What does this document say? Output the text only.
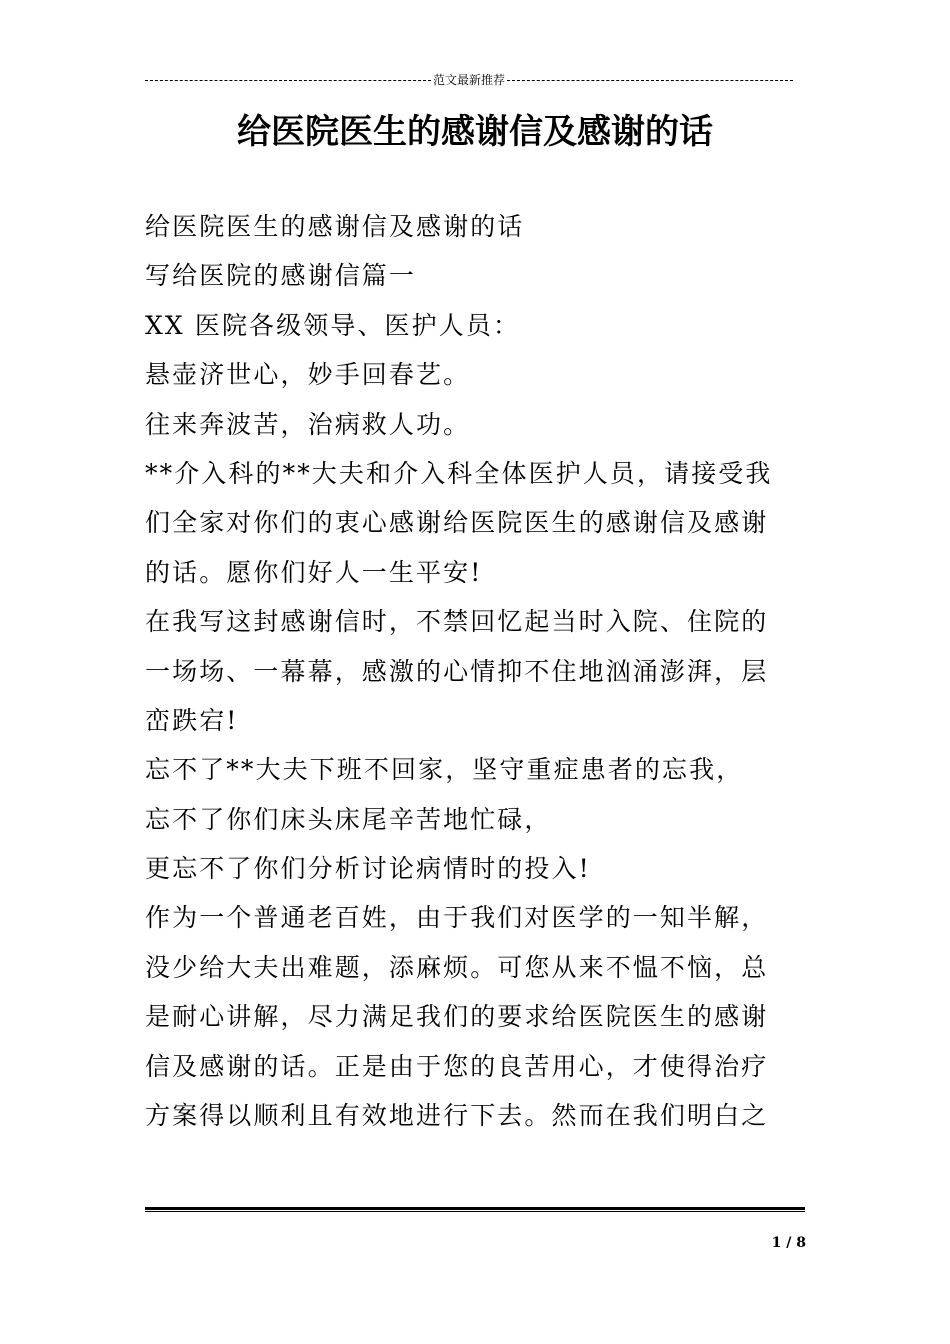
范文最新推荐
给医院医生的感谢信及感谢的话
给医院医生的感谢信及感谢的话
写给医院的感谢信篇一
XX 医院各级领导、医护人员：
悬壶济世心，妙手回春艺。
往来奔波苦，治病救人功。
**介入科的**大夫和介入科全体医护人员，请接受我
们全家对你们的衷心感谢给医院医生的感谢信及感谢
的话。愿你们好人一生平安!
在我写这封感谢信时，不禁回忆起当时入院、住院的
一场场、一幕幕，感激的心情抑不住地汹涌澎湃，层
峦跌宕!
忘不了**大夫下班不回家，坚守重症患者的忘我，
忘不了你们床头床尾辛苦地忙碌，
更忘不了你们分析讨论病情时的投入!
作为一个普通老百姓，由于我们对医学的一知半解，
没少给大夫出难题，添麻烦。可您从来不愠不恼，总
是耐心讲解，尽力满足我们的要求给医院医生的感谢
信及感谢的话。正是由于您的良苦用心，才使得治疗
方案得以顺利且有效地进行下去。然而在我们明白之
1 / 8
